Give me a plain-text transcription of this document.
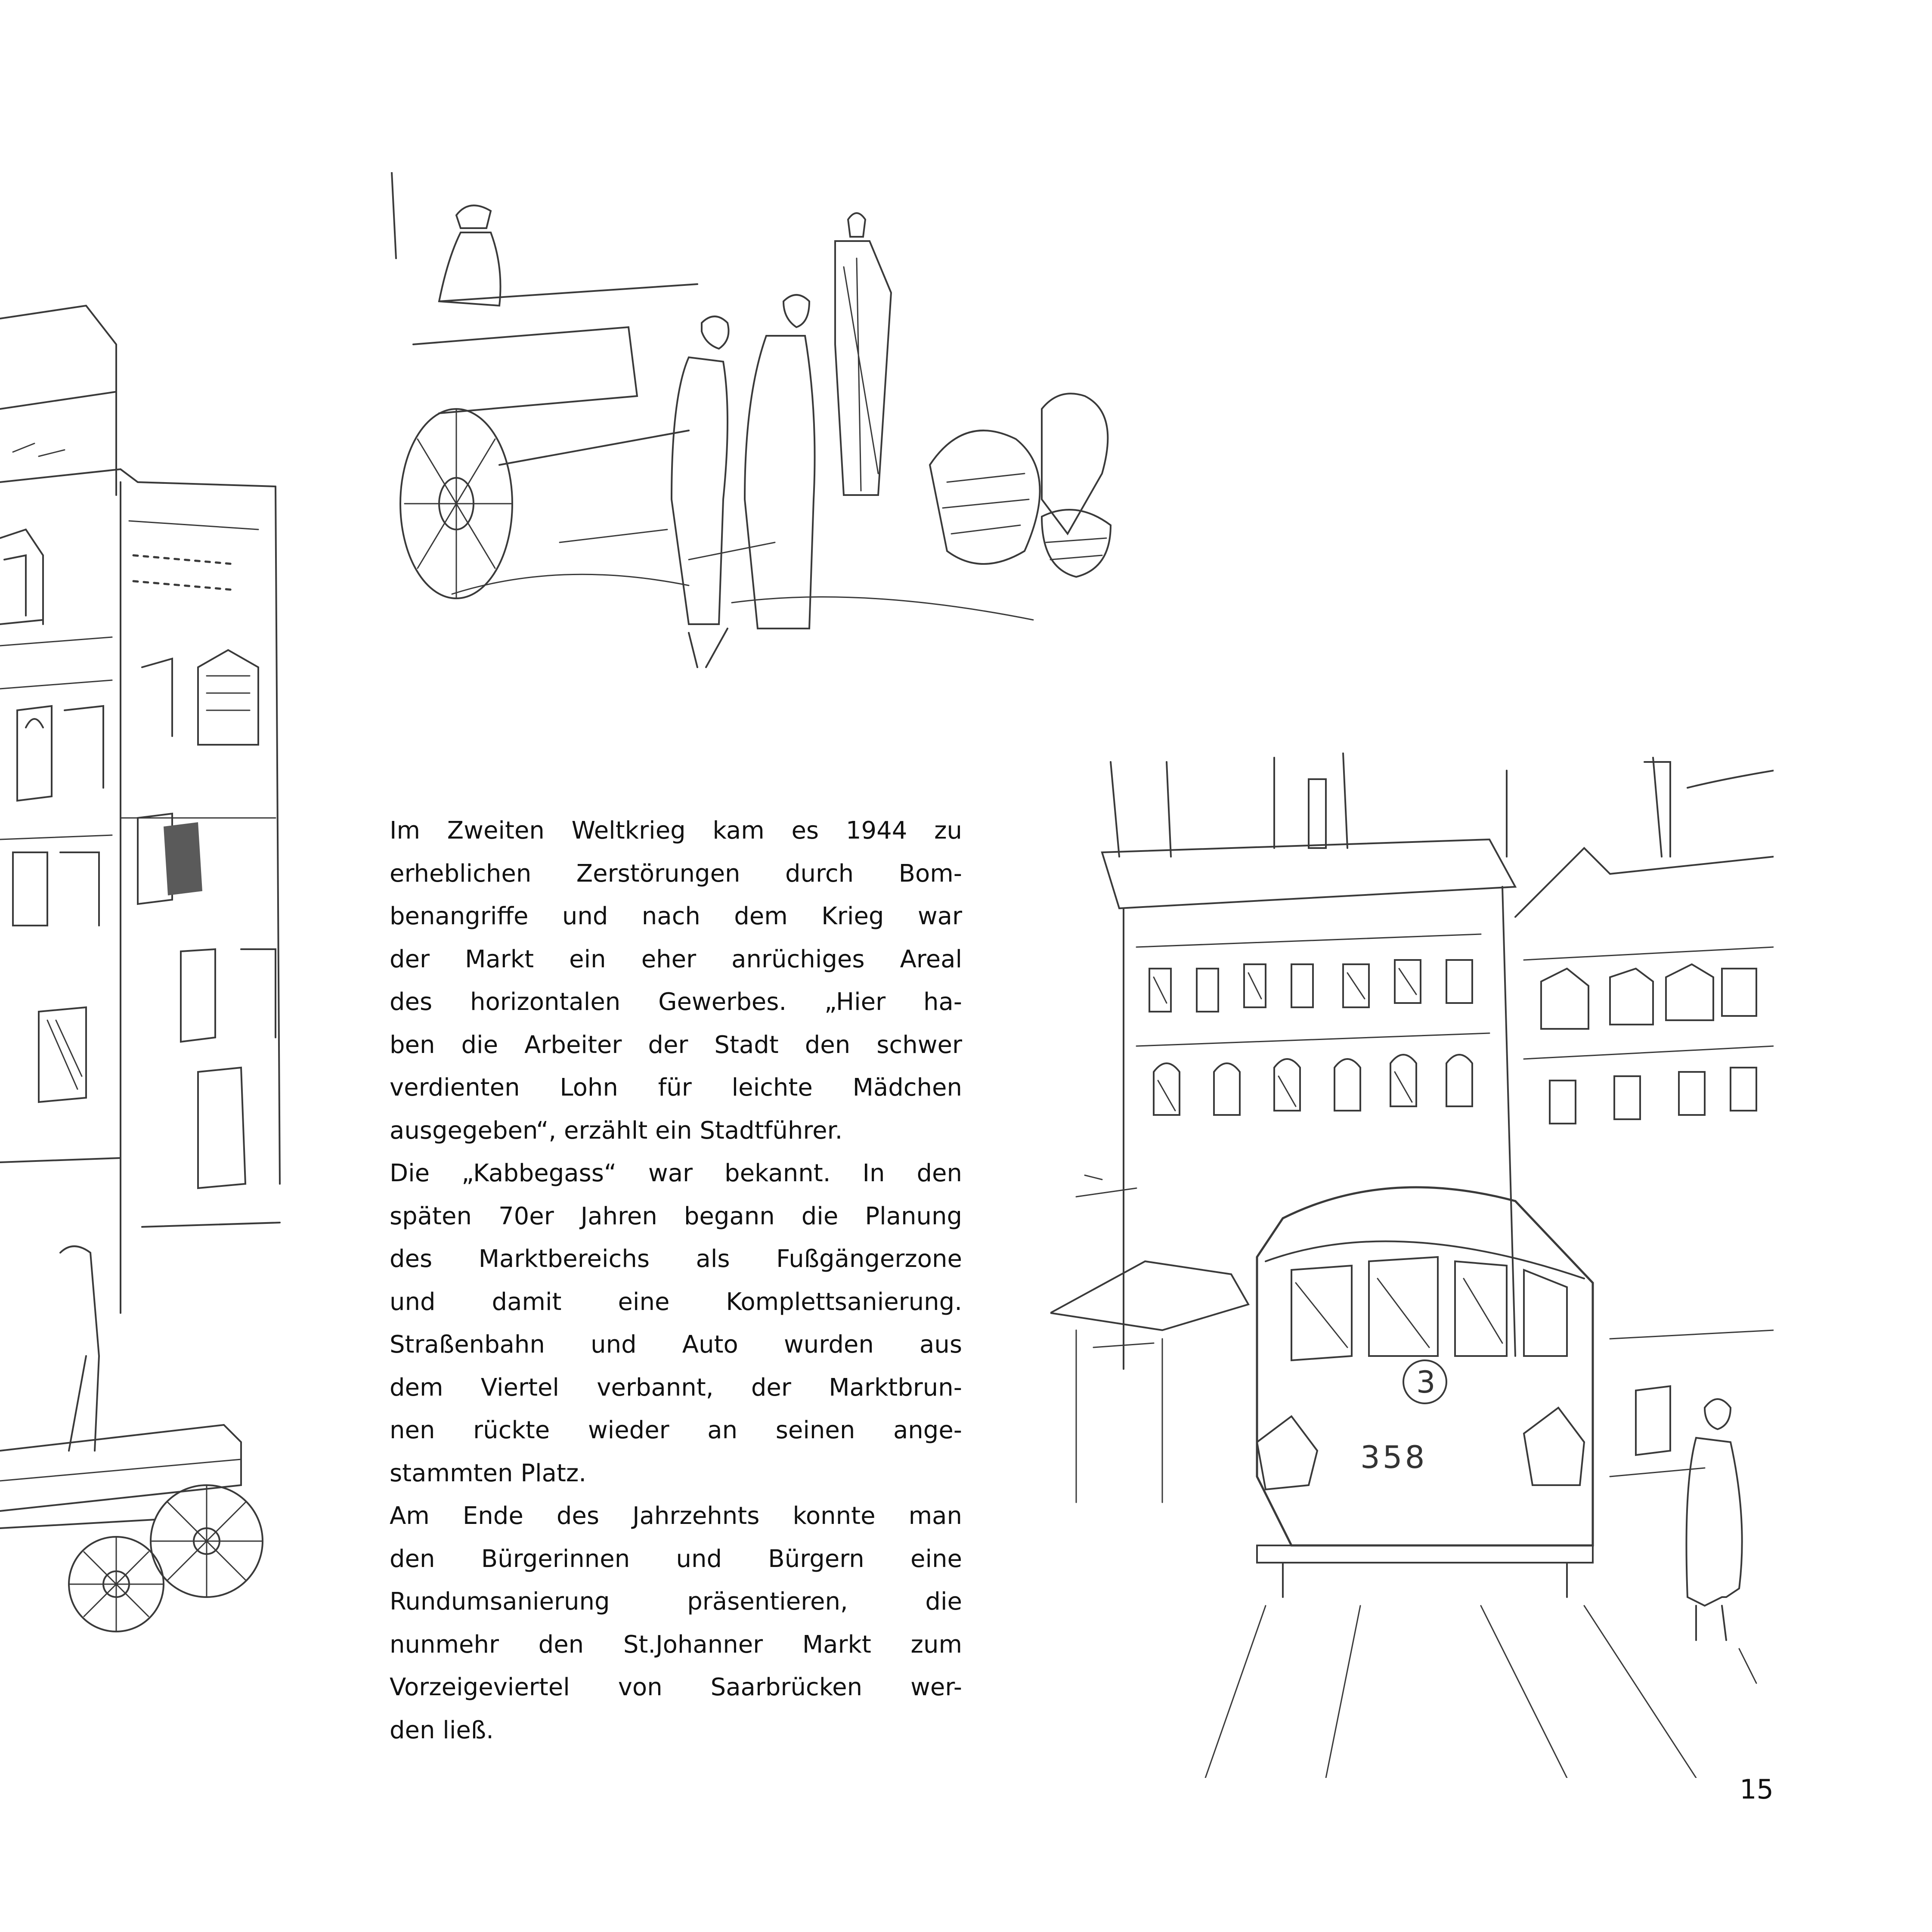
3
358
Im Zweiten Weltkrieg kam es 1944 zu
erheblichen Zerstörungen durch Bom-
benangriffe und nach dem Krieg war
der Markt ein eher anrüchiges Areal
des horizontalen Gewerbes. „Hier ha-
ben die Arbeiter der Stadt den schwer
verdienten Lohn für leichte Mädchen
ausgegeben“, erzählt ein Stadtführer.
Die „Kabbegass“ war bekannt. In den
späten 70er Jahren begann die Planung
des Marktbereichs als Fußgängerzone
und damit eine Komplettsanierung.
Straßenbahn und Auto wurden aus
dem Viertel verbannt, der Marktbrun-
nen rückte wieder an seinen ange-
stammten Platz.
Am Ende des Jahrzehnts konnte man
den Bürgerinnen und Bürgern eine
Rundumsanierung präsentieren, die
nunmehr den St.Johanner Markt zum
Vorzeigeviertel von Saarbrücken wer-
den ließ.
15
